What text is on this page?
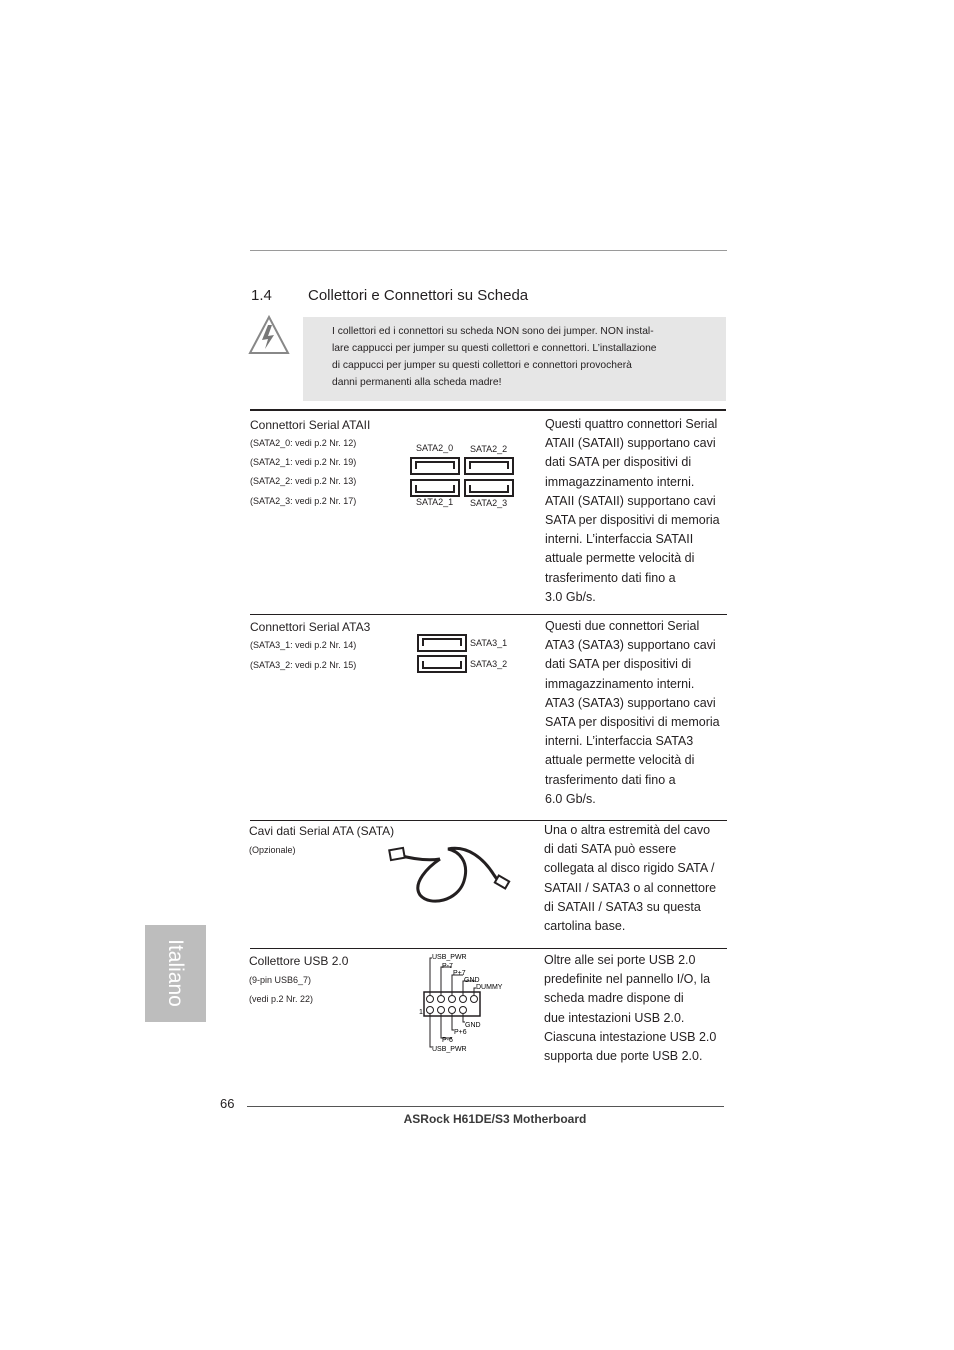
1.4 Collettori e Connettori su Scheda
I collettori ed i connettori su scheda NON sono dei jumper. NON instal-
lare cappucci per jumper su questi collettori e connettori. L’installazione
di cappucci per jumper su questi collettori e connettori provocherà
danni permanenti alla scheda madre!
Connettori Serial ATAII
(SATA2_0: vedi p.2 Nr. 12)
(SATA2_1: vedi p.2 Nr. 19)
(SATA2_2: vedi p.2 Nr. 13)
(SATA2_3: vedi p.2 Nr. 17)
SATA2_0 SATA2_2
SATA2_1 SATA2_3
Questi quattro connettori Serial
ATAII (SATAII) supportano cavi
dati SATA per dispositivi di
immagazzinamento interni.
ATAII (SATAII) supportano cavi
SATA per dispositivi di memoria
interni. L’interfaccia SATAII
attuale permette velocità di
trasferimento dati fino a
3.0 Gb/s.
Connettori Serial ATA3
(SATA3_1: vedi p.2 Nr. 14)
(SATA3_2: vedi p.2 Nr. 15)
SATA3_1
SATA3_2
Questi due connettori Serial
ATA3 (SATA3) supportano cavi
dati SATA per dispositivi di
immagazzinamento interni.
ATA3 (SATA3) supportano cavi
SATA per dispositivi di memoria
interni. L’interfaccia SATA3
attuale permette velocità di
trasferimento dati fino a
6.0 Gb/s.
Cavi dati Serial ATA (SATA)
(Opzionale)
Una o altra estremità del cavo
di dati SATA può essere
collegata al disco rigido SATA /
SATAII / SATA3 o al connettore
di SATAII / SATA3 su questa
cartolina base.
Collettore USB 2.0
(9-pin USB6_7)
(vedi p.2 Nr. 22)
USB_PWR
P-7
P+7
GND
DUMMY
GND
P+6
P-6
USB_PWR
1
Oltre alle sei porte USB 2.0
predefinite nel pannello I/O, la
scheda madre dispone di
due intestazioni USB 2.0.
Ciascuna intestazione USB 2.0
supporta due porte USB 2.0.
Italiano
66
ASRock H61DE/S3 Motherboard
